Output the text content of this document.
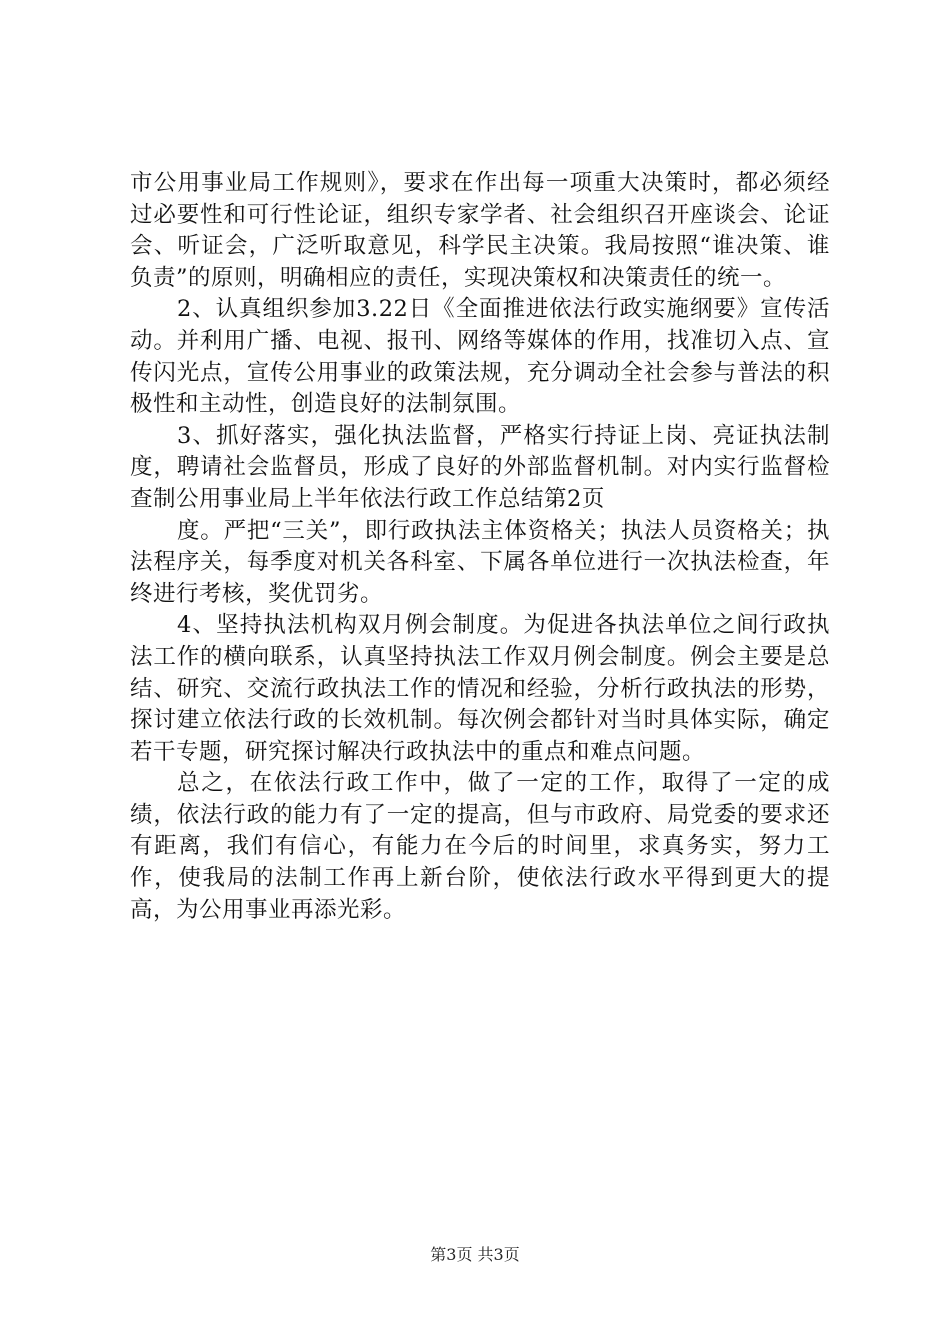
市公用事业局工作规则》，要求在作出每一项重大决策时，都必须经过必要性和可行性论证，组织专家学者、社会组织召开座谈会、论证会、听证会，广泛听取意见，科学民主决策。我局按照“谁决策、谁负责”的原则，明确相应的责任，实现决策权和决策责任的统一。

2、认真组织参加3.22日《全面推进依法行政实施纲要》宣传活动。并利用广播、电视、报刊、网络等媒体的作用，找准切入点、宣传闪光点，宣传公用事业的政策法规，充分调动全社会参与普法的积极性和主动性，创造良好的法制氛围。

3、抓好落实，强化执法监督，严格实行持证上岗、亮证执法制度，聘请社会监督员，形成了良好的外部监督机制。对内实行监督检查制公用事业局上半年依法行政工作总结第2页

度。严把“三关”，即行政执法主体资格关；执法人员资格关；执法程序关，每季度对机关各科室、下属各单位进行一次执法检查，年终进行考核，奖优罚劣。

4、坚持执法机构双月例会制度。为促进各执法单位之间行政执法工作的横向联系，认真坚持执法工作双月例会制度。例会主要是总结、研究、交流行政执法工作的情况和经验，分析行政执法的形势，探讨建立依法行政的长效机制。每次例会都针对当时具体实际，确定若干专题，研究探讨解决行政执法中的重点和难点问题。

总之，在依法行政工作中，做了一定的工作，取得了一定的成绩，依法行政的能力有了一定的提高，但与市政府、局党委的要求还有距离，我们有信心，有能力在今后的时间里，求真务实，努力工作，使我局的法制工作再上新台阶，使依法行政水平得到更大的提高，为公用事业再添光彩。

第3页 共3页
